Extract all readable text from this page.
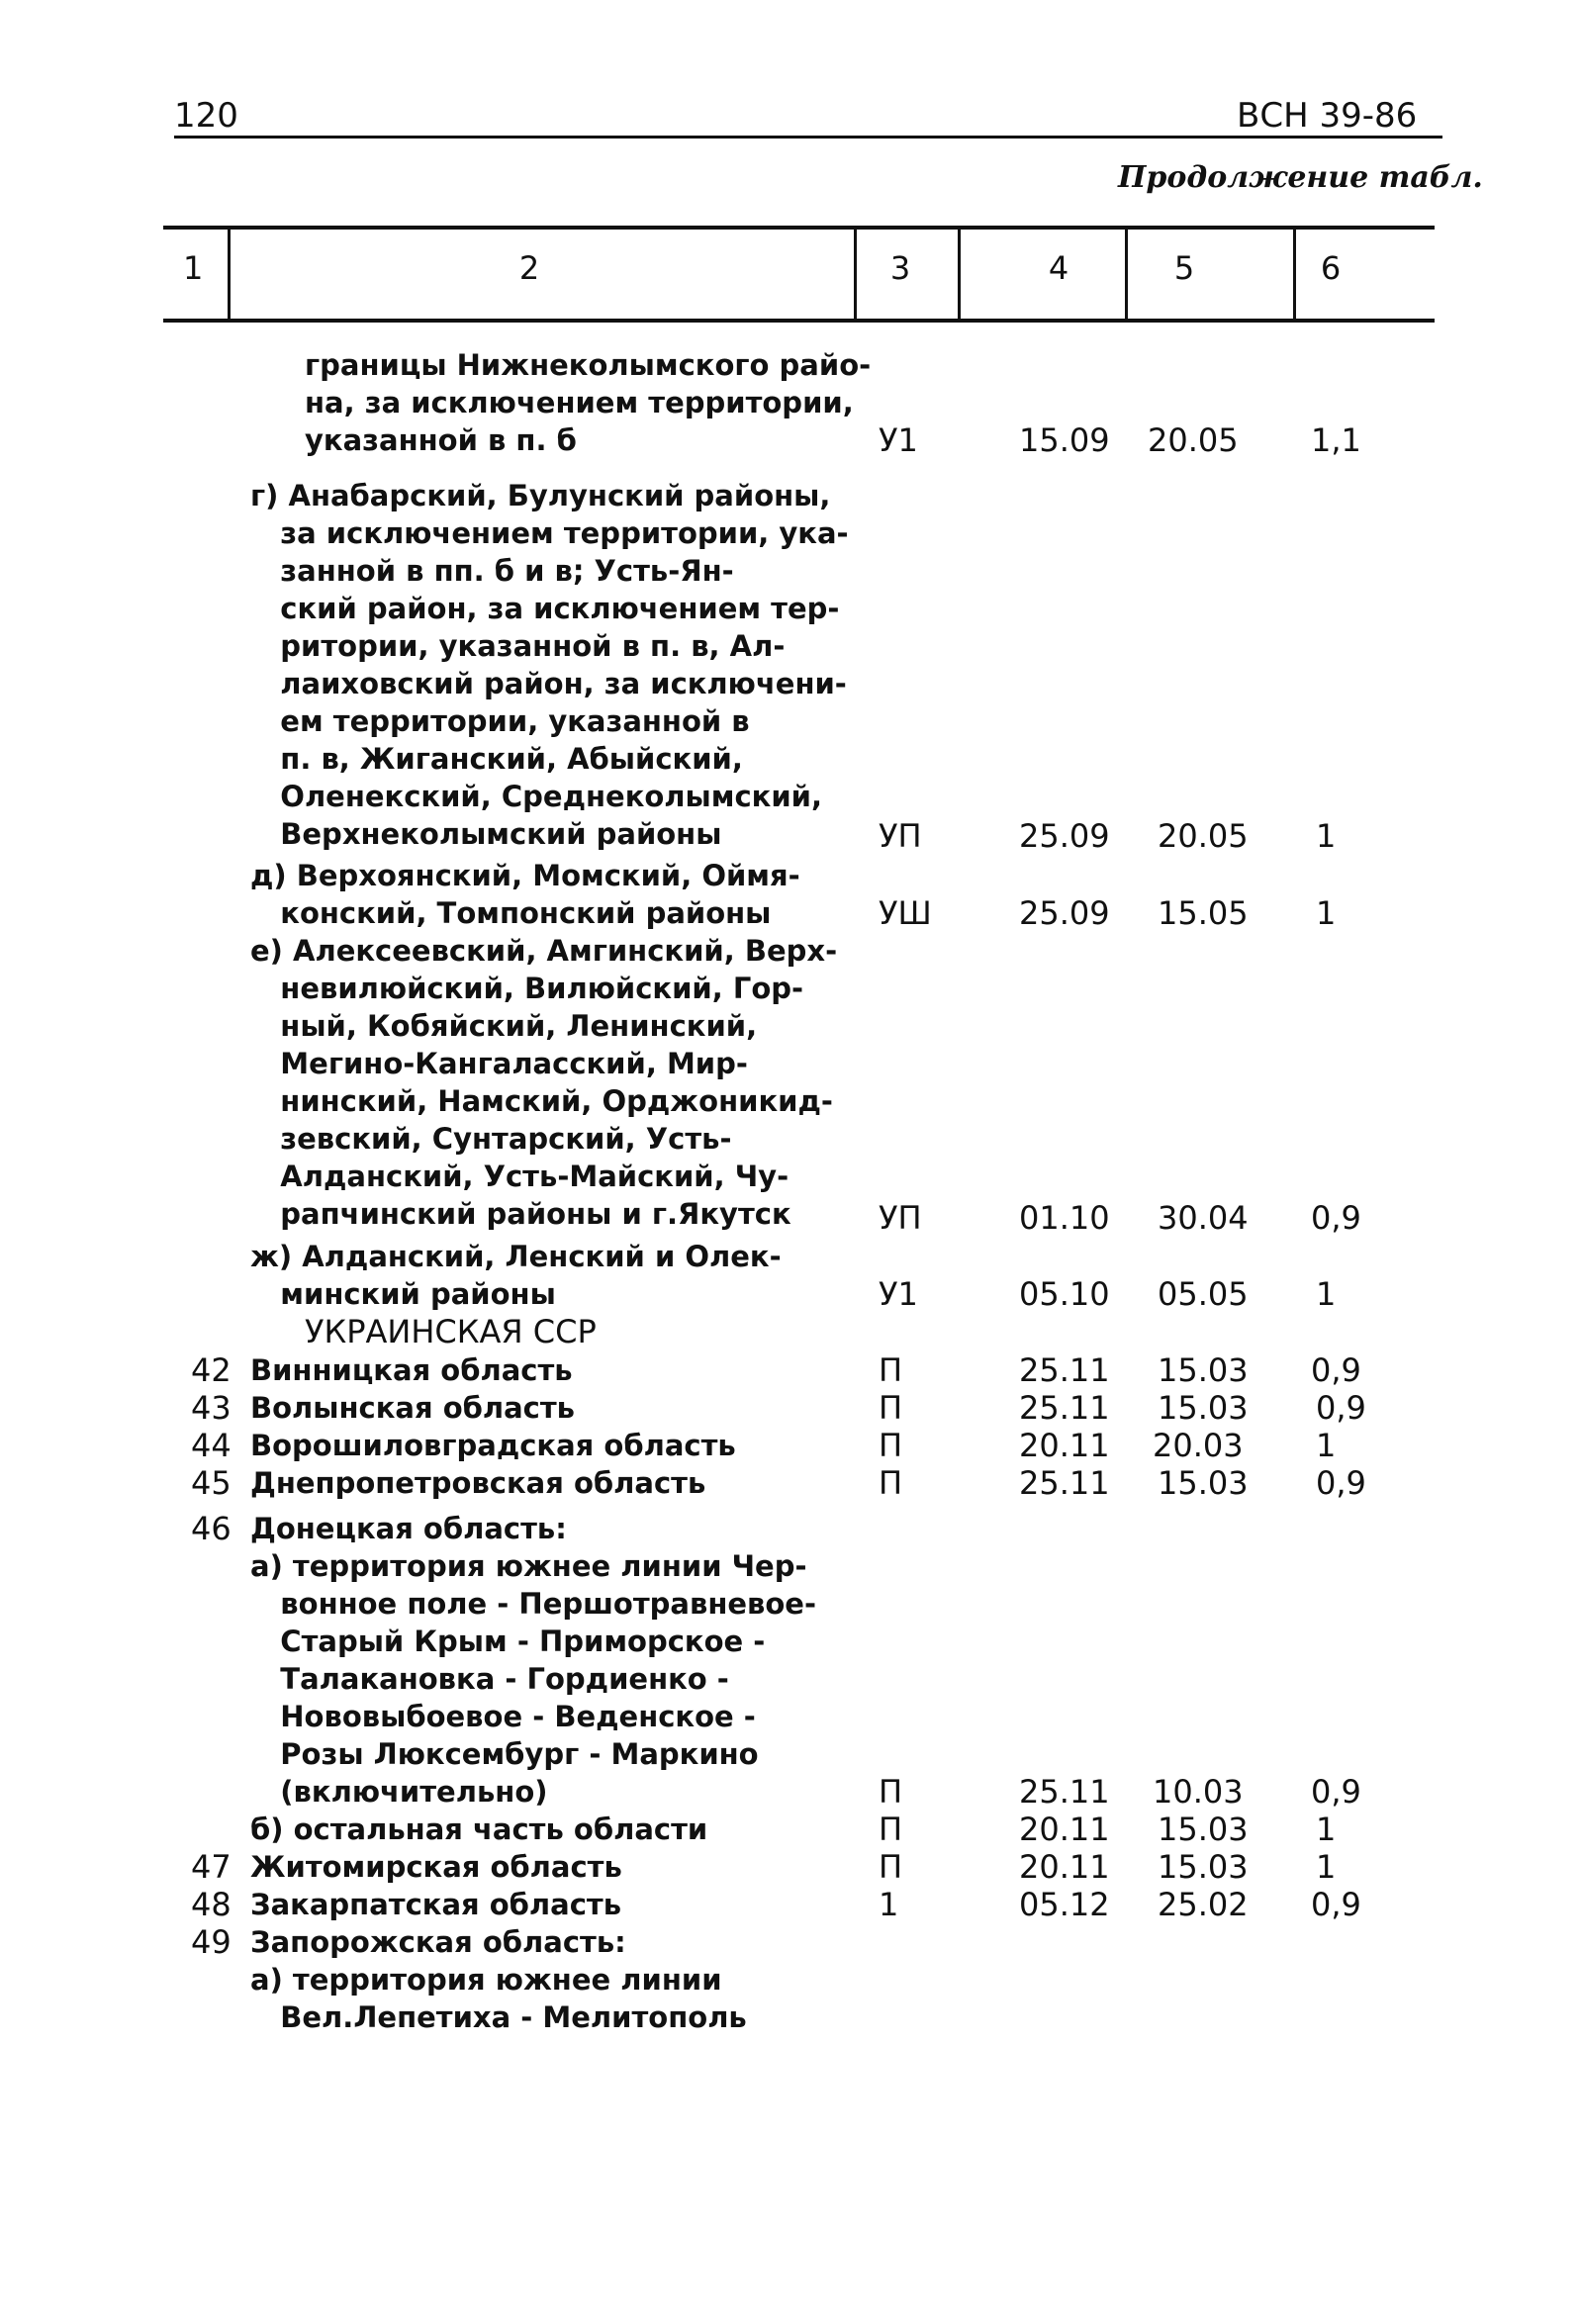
120	ВСН 39-86
Продолжение табл.
1	2	3	4	5	6
границы Нижнеколымского райо-
на, за исключением территории,
указанной в п. б	У1	15.09 20.05 1,1
г) Анабарский, Булунский районы,
за исключением территории, ука-
занной в пп. б и в; Усть-Ян-
ский район, за исключением тер-
ритории, указанной в п. в, Ал-
лаиховский район, за исключени-
ем территории, указанной в
п. в, Жиганский, Абыйский,
Оленекский, Среднеколымский,
Верхнеколымский районы	УП	25.09 20.05 1
д) Верхоянский, Момский, Оймя-
конский, Томпонский районы	УШ	25.09 15.05 1
е) Алексеевский, Амгинский, Верх-
невилюйский, Вилюйский, Гор-
ный, Кобяйский, Ленинский,
Мегино-Кангаласский, Мир-
нинский, Намский, Орджоникид-
зевский, Сунтарский, Усть-
Алданский, Усть-Майский, Чу-
рапчинский районы и г.Якутск	УП	01.10 30.04 0,9
ж) Алданский, Ленский и Олек-
минский районы	У1	05.10 05.05 1
УКРАИНСКАЯ ССР
42 Винницкая область	П	25.11 15.03 0,9
43 Волынская область	П	25.11 15.03 0,9
44 Ворошиловградская область	П	20.11 20.03 1
45 Днепропетровская область	П	25.11 15.03 0,9
46 Донецкая область:
а) территория южнее линии Чер-
вонное поле - Першотравневое-
Старый Крым - Приморское -
Талакановка - Гордиенко -
Нововыбоевое - Веденское -
Розы Люксембург - Маркино
(включительно)	П	25.11 10.03 0,9
б) остальная часть области	П	20.11 15.03 1
47 Житомирская область	П	20.11 15.03 1
48 Закарпатская область	1	05.12 25.02 0,9
49 Запорожская область:
а) территория южнее линии
Вел.Лепетиха - Мелитополь
